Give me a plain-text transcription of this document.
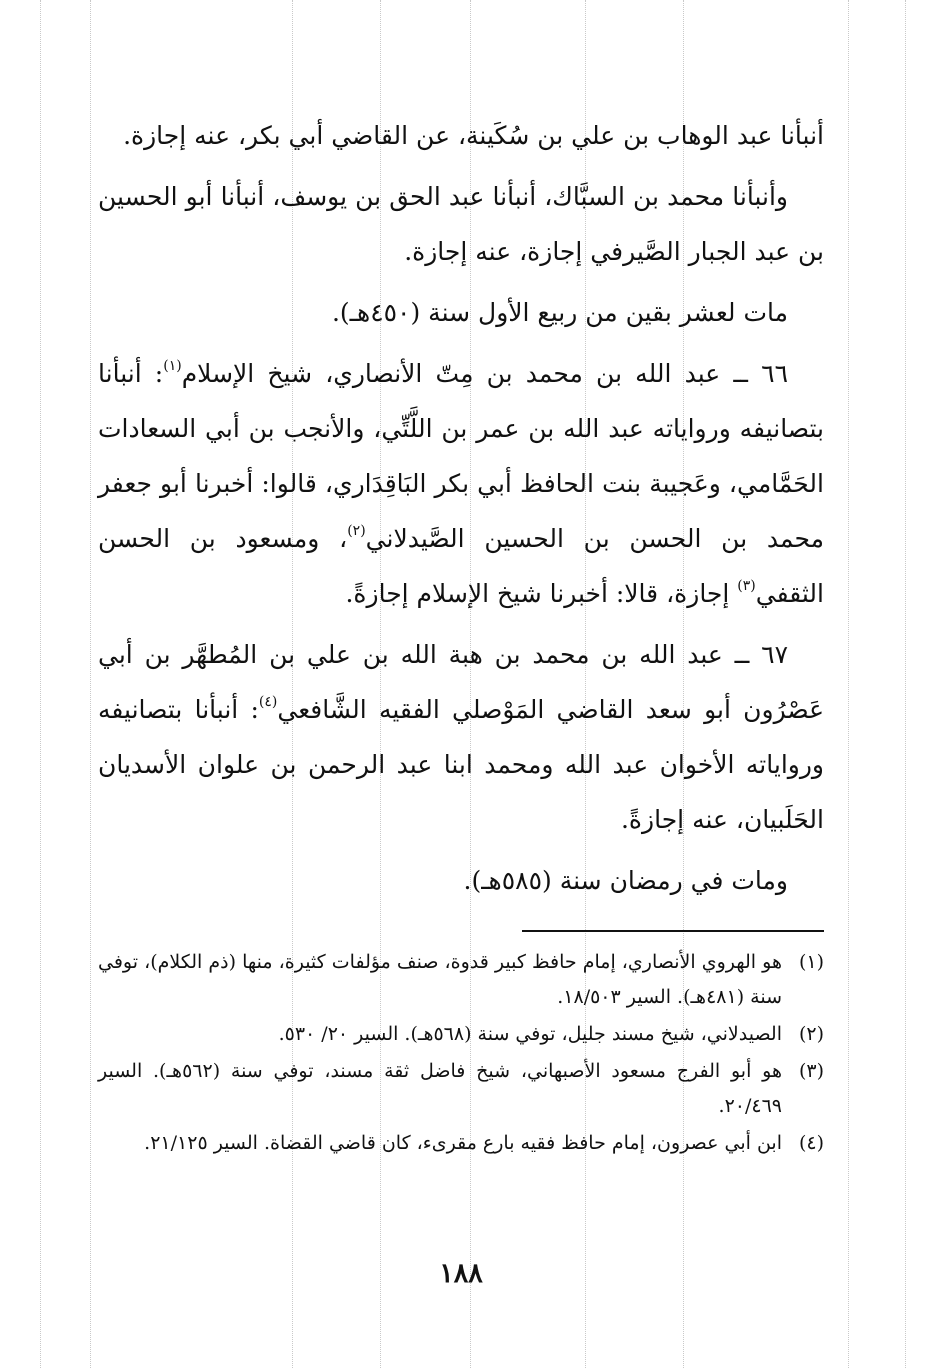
أنبأنا عبد الوهاب بن علي بن سُكَينة، عن القاضي أبي بكر، عنه إجازة.

وأنبأنا محمد بن السبَّاك، أنبأنا عبد الحق بن يوسف، أنبأنا أبو الحسين بن عبد الجبار الصَّيرفي إجازة، عنه إجازة.

مات لعشر بقين من ربيع الأول سنة (٤٥٠هـ).

٦٦ ــ عبد الله بن محمد بن مِتّ الأنصاري، شيخ الإسلام$^{(١)}$: أنبأنا بتصانيفه ورواياته عبد الله بن عمر بن اللَّتِّي، والأنجب بن أبي السعادات الحَمَّامي، وعَجيبة بنت الحافظ أبي بكر البَاقِدَاري، قالوا: أخبرنا أبو جعفر محمد بن الحسن بن الحسين الصَّيدلاني$^{(٢)}$، ومسعود بن الحسن الثقفي$^{(٣)}$ إجازة، قالا: أخبرنا شيخ الإسلام إجازةً.

٦٧ ــ عبد الله بن محمد بن هبة الله بن علي بن المُطهَّر بن أبي عَصْرُون أبو سعد القاضي المَوْصلي الفقيه الشَّافعي$^{(٤)}$: أنبأنا بتصانيفه ورواياته الأخوان عبد الله ومحمد ابنا عبد الرحمن بن علوان الأسديان الحَلَبيان، عنه إجازةً.

ومات في رمضان سنة (٥٨٥هـ).

(١)
هو الهروي الأنصاري، إمام حافظ كبير قدوة، صنف مؤلفات كثيرة، منها (ذم الكلام)، توفي سنة (٤٨١هـ). السير ١٨/٥٠٣.
(٢)
الصيدلاني، شيخ مسند جليل، توفي سنة (٥٦٨هـ). السير ٢٠/ ٥٣٠.
(٣)
هو أبو الفرج مسعود الأصبهاني، شيخ فاضل ثقة مسند، توفي سنة (٥٦٢هـ). السير ٢٠/٤٦٩.
(٤)
ابن أبي عصرون، إمام حافظ فقيه بارع مقرىء، كان قاضي القضاة. السير ٢١/١٢٥.
١٨٨
